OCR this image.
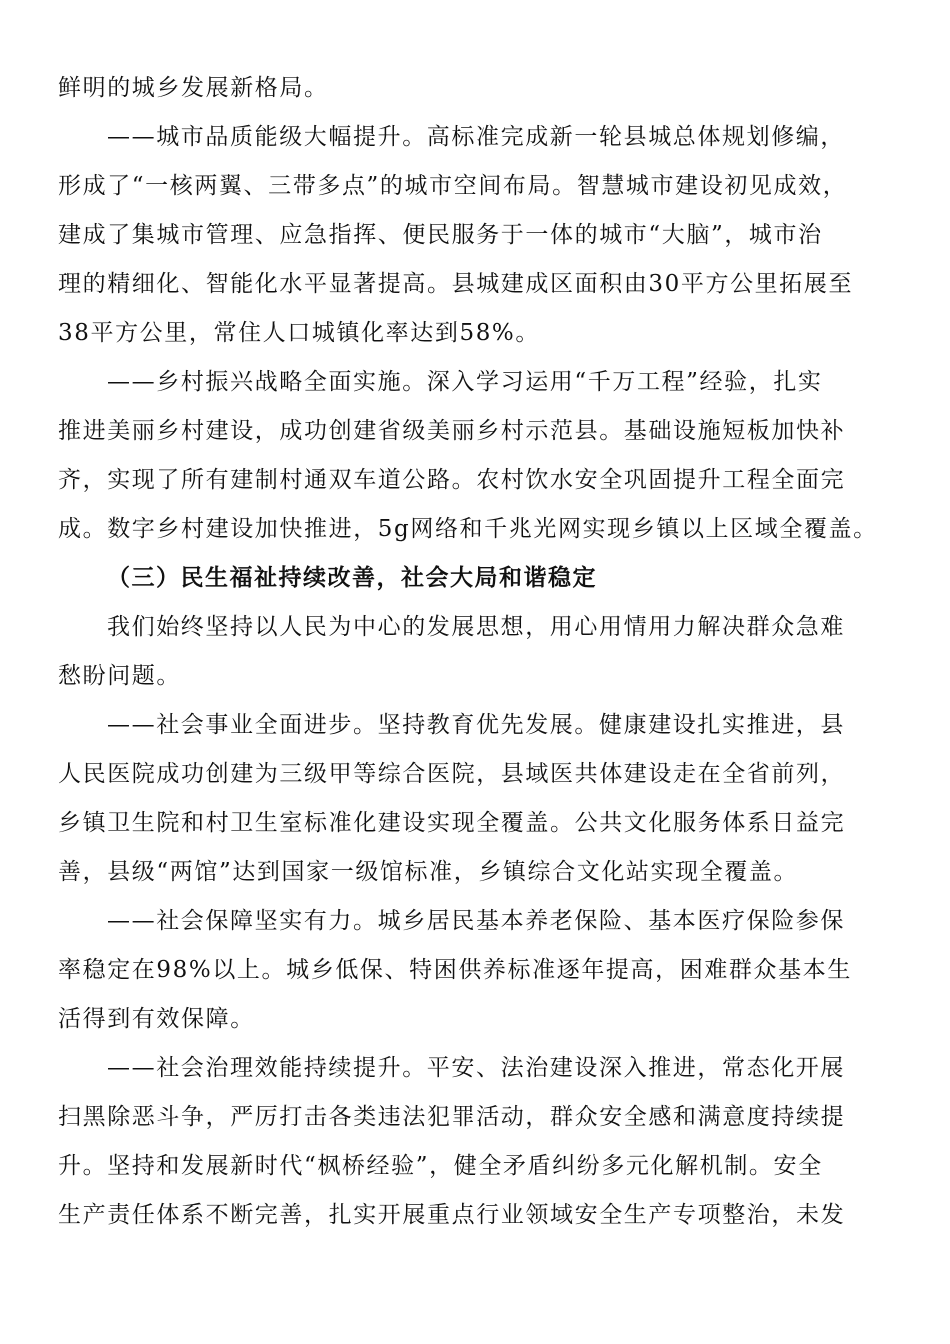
鲜明的城乡发展新格局。
——城市品质能级大幅提升。高标准完成新一轮县城总体规划修编，
形成了“一核两翼、三带多点”的城市空间布局。智慧城市建设初见成效，
建成了集城市管理、应急指挥、便民服务于一体的城市“大脑”，城市治
理的精细化、智能化水平显著提高。县城建成区面积由30平方公里拓展至
38平方公里，常住人口城镇化率达到58%。
——乡村振兴战略全面实施。深入学习运用“千万工程”经验，扎实
推进美丽乡村建设，成功创建省级美丽乡村示范县。基础设施短板加快补
齐，实现了所有建制村通双车道公路。农村饮水安全巩固提升工程全面完
成。数字乡村建设加快推进，5g网络和千兆光网实现乡镇以上区域全覆盖。
（三）民生福祉持续改善，社会大局和谐稳定
我们始终坚持以人民为中心的发展思想，用心用情用力解决群众急难
愁盼问题。
——社会事业全面进步。坚持教育优先发展。健康建设扎实推进，县
人民医院成功创建为三级甲等综合医院，县域医共体建设走在全省前列，
乡镇卫生院和村卫生室标准化建设实现全覆盖。公共文化服务体系日益完
善，县级“两馆”达到国家一级馆标准，乡镇综合文化站实现全覆盖。
——社会保障坚实有力。城乡居民基本养老保险、基本医疗保险参保
率稳定在98%以上。城乡低保、特困供养标准逐年提高，困难群众基本生
活得到有效保障。
——社会治理效能持续提升。平安、法治建设深入推进，常态化开展
扫黑除恶斗争，严厉打击各类违法犯罪活动，群众安全感和满意度持续提
升。坚持和发展新时代“枫桥经验”，健全矛盾纠纷多元化解机制。安全
生产责任体系不断完善，扎实开展重点行业领域安全生产专项整治，未发
